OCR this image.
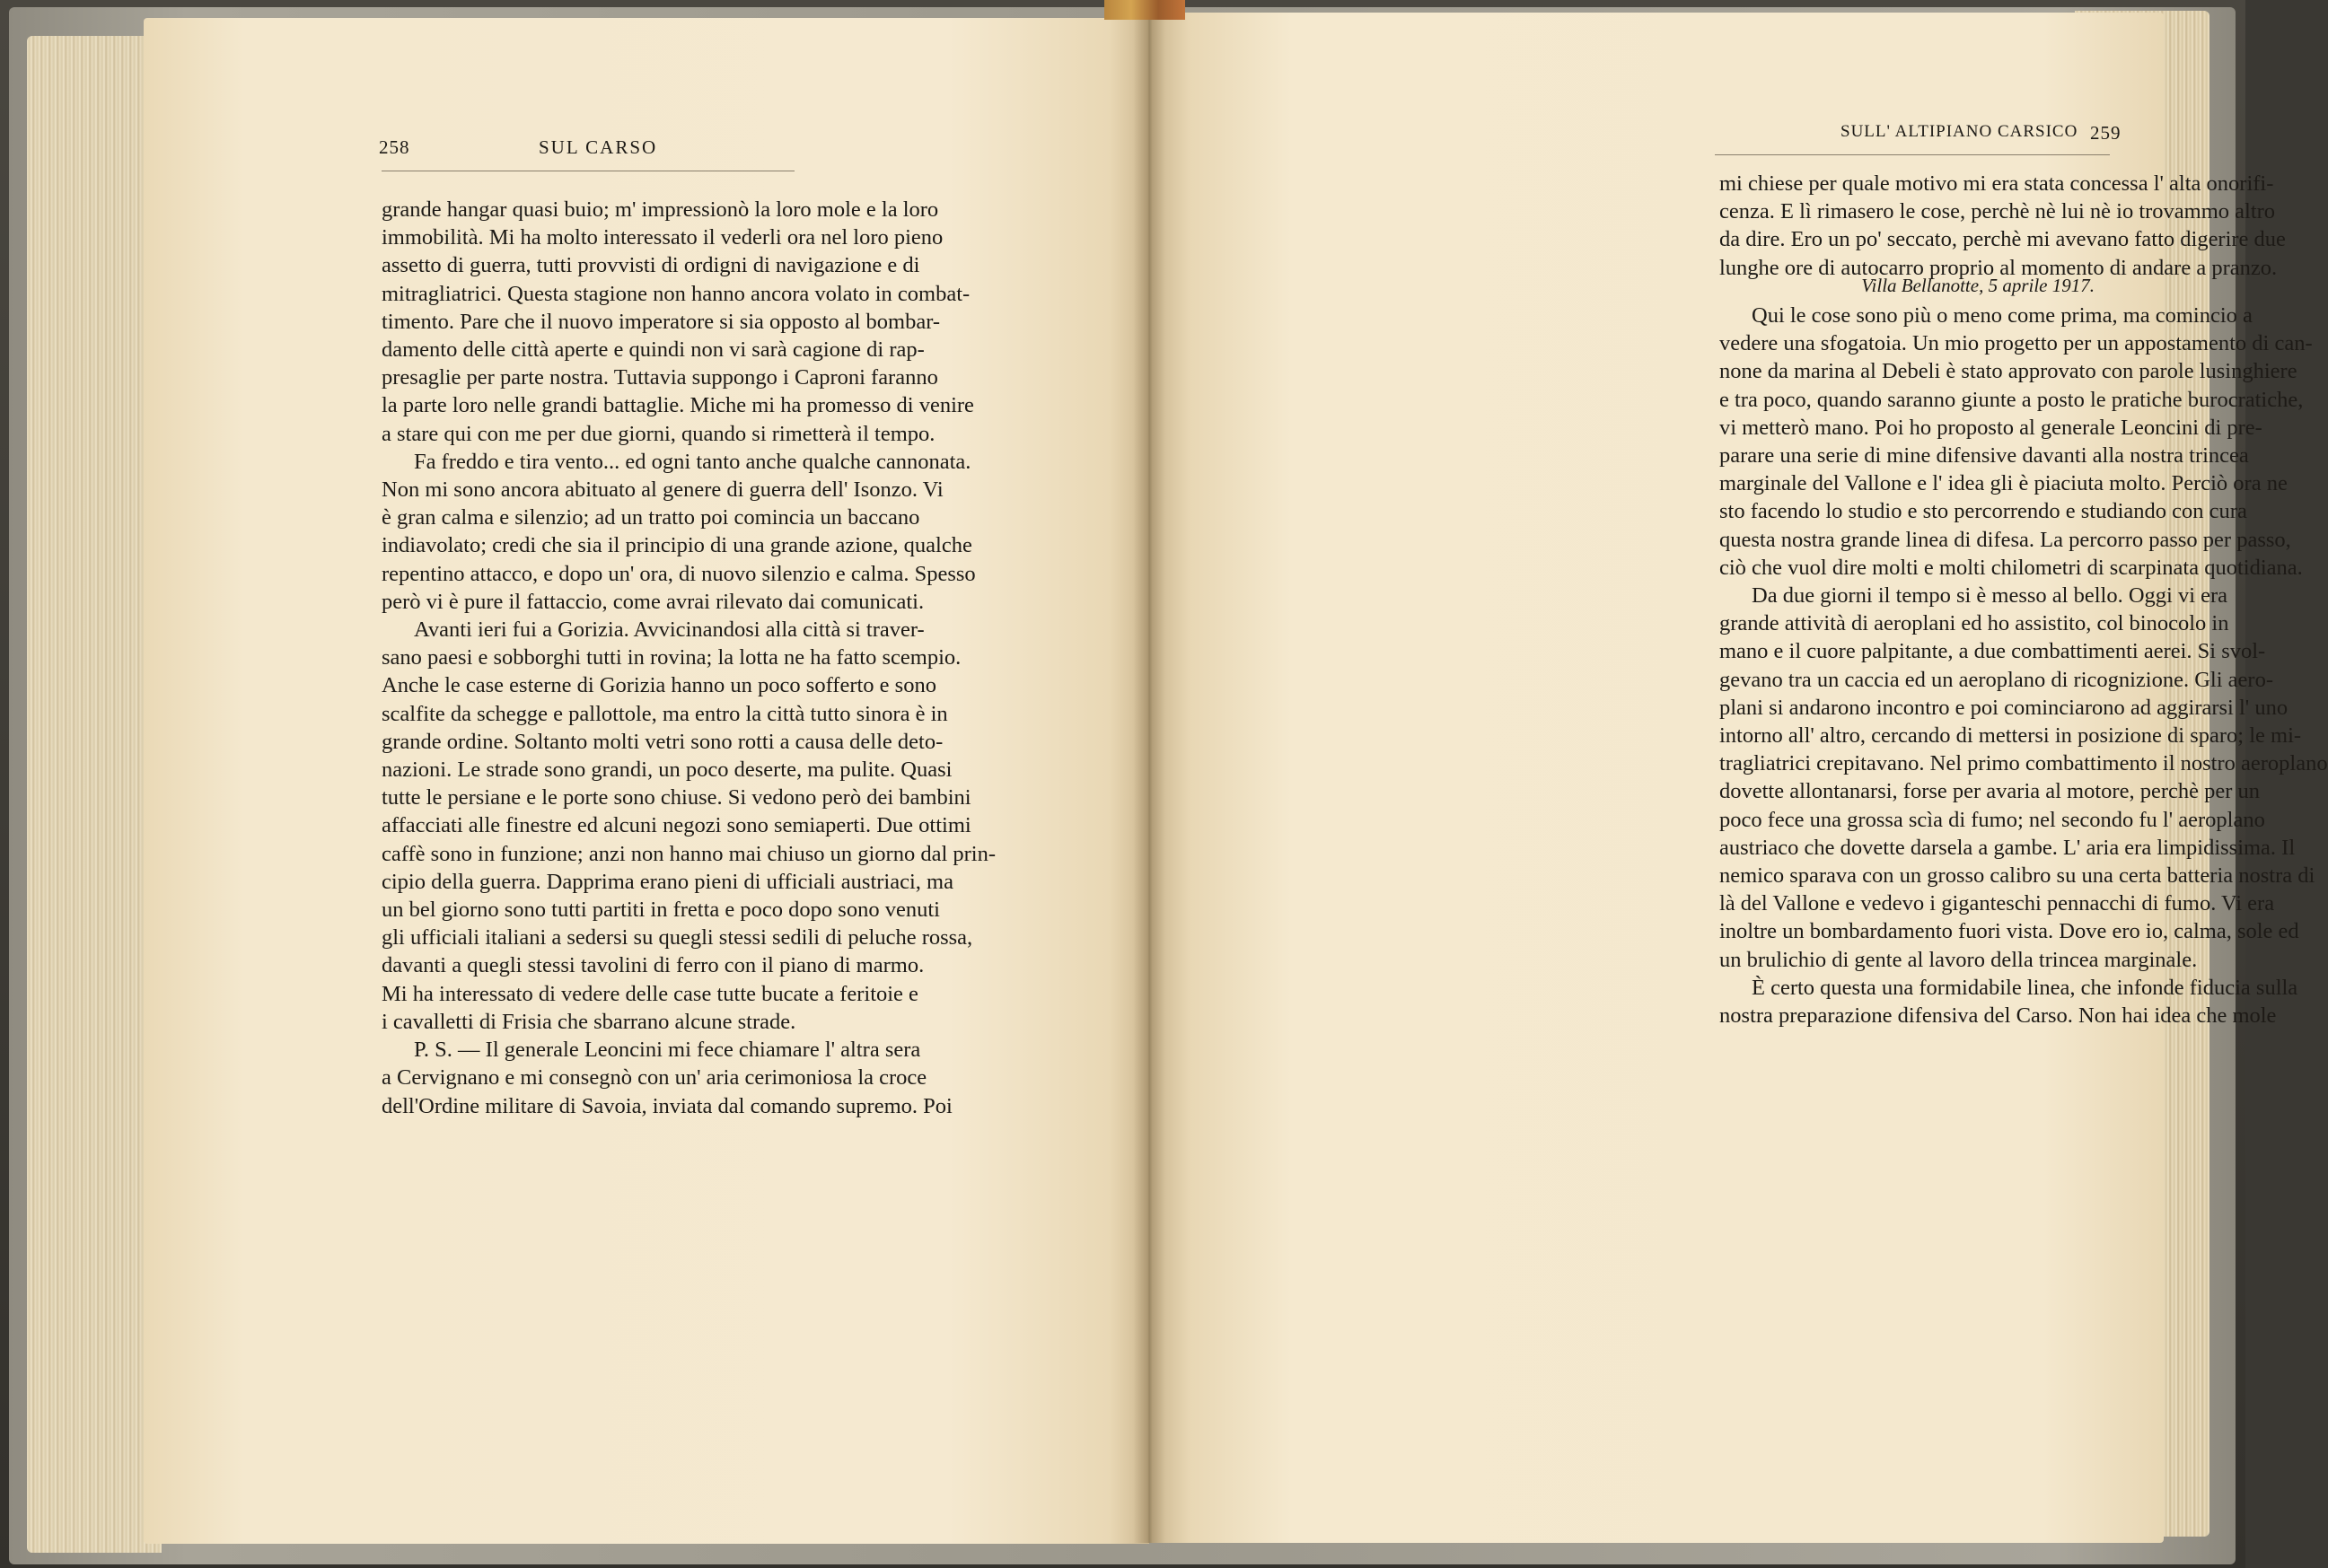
258	SUL CARSO
grande hangar quasi buio; m' impressionò la loro mole e la loro
immobilità. Mi ha molto interessato il vederli ora nel loro pieno
assetto di guerra, tutti provvisti di ordigni di navigazione e di
mitragliatrici. Questa stagione non hanno ancora volato in combat-
timento. Pare che il nuovo imperatore si sia opposto al bombar-
damento delle città aperte e quindi non vi sarà cagione di rap-
presaglie per parte nostra. Tuttavia suppongo i Caproni faranno
la parte loro nelle grandi battaglie. Miche mi ha promesso di venire
a stare qui con me per due giorni, quando si rimetterà il tempo.
Fa freddo e tira vento... ed ogni tanto anche qualche cannonata.
Non mi sono ancora abituato al genere di guerra dell' Isonzo. Vi
è gran calma e silenzio; ad un tratto poi comincia un baccano
indiavolato; credi che sia il principio di una grande azione, qualche
repentino attacco, e dopo un' ora, di nuovo silenzio e calma. Spesso
però vi è pure il fattaccio, come avrai rilevato dai comunicati.
Avanti ieri fui a Gorizia. Avvicinandosi alla città si traver-
sano paesi e sobborghi tutti in rovina; la lotta ne ha fatto scempio.
Anche le case esterne di Gorizia hanno un poco sofferto e sono
scalfite da schegge e pallottole, ma entro la città tutto sinora è in
grande ordine. Soltanto molti vetri sono rotti a causa delle deto-
nazioni. Le strade sono grandi, un poco deserte, ma pulite. Quasi
tutte le persiane e le porte sono chiuse. Si vedono però dei bambini
affacciati alle finestre ed alcuni negozi sono semiaperti. Due ottimi
caffè sono in funzione; anzi non hanno mai chiuso un giorno dal prin-
cipio della guerra. Dapprima erano pieni di ufficiali austriaci, ma
un bel giorno sono tutti partiti in fretta e poco dopo sono venuti
gli ufficiali italiani a sedersi su quegli stessi sedili di peluche rossa,
davanti a quegli stessi tavolini di ferro con il piano di marmo.
Mi ha interessato di vedere delle case tutte bucate a feritoie e
i cavalletti di Frisia che sbarrano alcune strade.
P. S. — Il generale Leoncini mi fece chiamare l' altra sera
a Cervignano e mi consegnò con un' aria cerimoniosa la croce
dell'Ordine militare di Savoia, inviata dal comando supremo. Poi
SULL' ALTIPIANO CARSICO 259
mi chiese per quale motivo mi era stata concessa l' alta onorifi-
cenza. E lì rimasero le cose, perchè nè lui nè io trovammo altro
da dire. Ero un po' seccato, perchè mi avevano fatto digerire due
lunghe ore di autocarro proprio al momento di andare a pranzo.
Villa Bellanotte, 5 aprile 1917.
Qui le cose sono più o meno come prima, ma comincio a
vedere una sfogatoia. Un mio progetto per un appostamento di can-
none da marina al Debeli è stato approvato con parole lusinghiere
e tra poco, quando saranno giunte a posto le pratiche burocratiche,
vi metterò mano. Poi ho proposto al generale Leoncini di pre-
parare una serie di mine difensive davanti alla nostra trincea
marginale del Vallone e l' idea gli è piaciuta molto. Perciò ora ne
sto facendo lo studio e sto percorrendo e studiando con cura
questa nostra grande linea di difesa. La percorro passo per passo,
ciò che vuol dire molti e molti chilometri di scarpinata quotidiana.
Da due giorni il tempo si è messo al bello. Oggi vi era
grande attività di aeroplani ed ho assistito, col binocolo in
mano e il cuore palpitante, a due combattimenti aerei. Si svol-
gevano tra un caccia ed un aeroplano di ricognizione. Gli aero-
plani si andarono incontro e poi cominciarono ad aggirarsi l' uno
intorno all' altro, cercando di mettersi in posizione di sparo; le mi-
tragliatrici crepitavano. Nel primo combattimento il nostro aeroplano
dovette allontanarsi, forse per avaria al motore, perchè per un
poco fece una grossa scìa di fumo; nel secondo fu l' aeroplano
austriaco che dovette darsela a gambe. L' aria era limpidissima. Il
nemico sparava con un grosso calibro su una certa batteria nostra di
là del Vallone e vedevo i giganteschi pennacchi di fumo. Vi era
inoltre un bombardamento fuori vista. Dove ero io, calma, sole ed
un brulichio di gente al lavoro della trincea marginale.
È certo questa una formidabile linea, che infonde fiducia sulla
nostra preparazione difensiva del Carso. Non hai idea che mole
